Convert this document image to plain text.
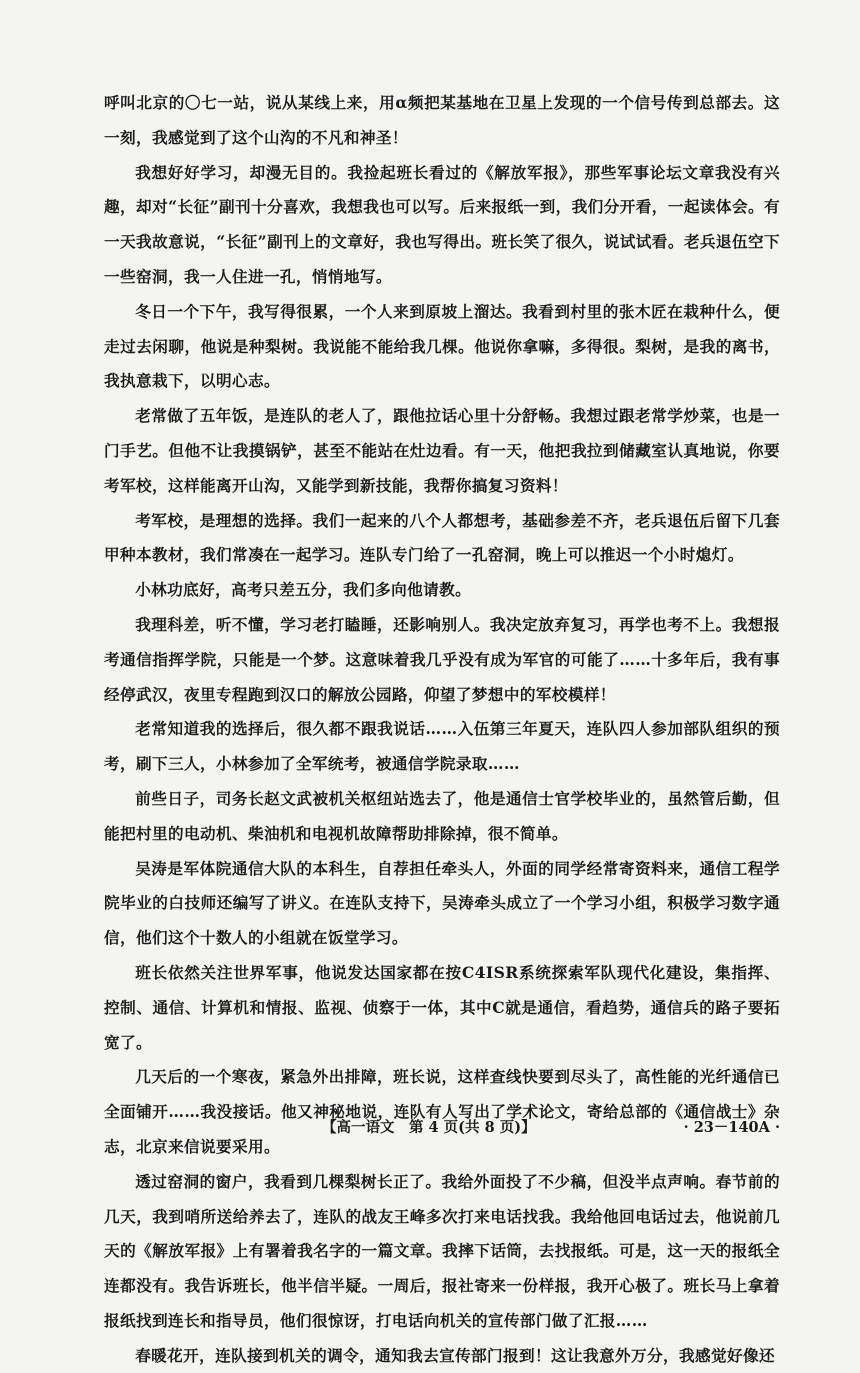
呼叫北京的〇七一站，说从某线上来，用α频把某基地在卫星上发现的一个信号传到总部去。这一刻，我感觉到了这个山沟的不凡和神圣！

我想好好学习，却漫无目的。我捡起班长看过的《解放军报》，那些军事论坛文章我没有兴趣，却对“长征”副刊十分喜欢，我想我也可以写。后来报纸一到，我们分开看，一起读体会。有一天我故意说，“长征”副刊上的文章好，我也写得出。班长笑了很久，说试试看。老兵退伍空下一些窑洞，我一人住进一孔，悄悄地写。

冬日一个下午，我写得很累，一个人来到原坡上溜达。我看到村里的张木匠在栽种什么，便走过去闲聊，他说是种梨树。我说能不能给我几棵。他说你拿嘛，多得很。梨树，是我的离书，我执意栽下，以明心志。

老常做了五年饭，是连队的老人了，跟他拉话心里十分舒畅。我想过跟老常学炒菜，也是一门手艺。但他不让我摸锅铲，甚至不能站在灶边看。有一天，他把我拉到储藏室认真地说，你要考军校，这样能离开山沟，又能学到新技能，我帮你搞复习资料！

考军校，是理想的选择。我们一起来的八个人都想考，基础参差不齐，老兵退伍后留下几套甲种本教材，我们常凑在一起学习。连队专门给了一孔窑洞，晚上可以推迟一个小时熄灯。

小林功底好，高考只差五分，我们多向他请教。

我理科差，听不懂，学习老打瞌睡，还影响别人。我决定放弃复习，再学也考不上。我想报考通信指挥学院，只能是一个梦。这意味着我几乎没有成为军官的可能了……十多年后，我有事经停武汉，夜里专程跑到汉口的解放公园路，仰望了梦想中的军校模样！

老常知道我的选择后，很久都不跟我说话……入伍第三年夏天，连队四人参加部队组织的预考，刷下三人，小林参加了全军统考，被通信学院录取……

前些日子，司务长赵文武被机关枢纽站选去了，他是通信士官学校毕业的，虽然管后勤，但能把村里的电动机、柴油机和电视机故障帮助排除掉，很不简单。

吴涛是军体院通信大队的本科生，自荐担任牵头人，外面的同学经常寄资料来，通信工程学院毕业的白技师还编写了讲义。在连队支持下，吴涛牵头成立了一个学习小组，积极学习数字通信，他们这个十数人的小组就在饭堂学习。

班长依然关注世界军事，他说发达国家都在按C4ISR系统探索军队现代化建设，集指挥、控制、通信、计算机和情报、监视、侦察于一体，其中C就是通信，看趋势，通信兵的路子要拓宽了。

几天后的一个寒夜，紧急外出排障，班长说，这样查线快要到尽头了，高性能的光纤通信已全面铺开……我没接话。他又神秘地说，连队有人写出了学术论文，寄给总部的《通信战士》杂志，北京来信说要采用。

透过窑洞的窗户，我看到几棵梨树长正了。我给外面投了不少稿，但没半点声响。春节前的几天，我到哨所送给养去了，连队的战友王峰多次打来电话找我。我给他回电话过去，他说前几天的《解放军报》上有署着我名字的一篇文章。我摔下话筒，去找报纸。可是，这一天的报纸全连都没有。我告诉班长，他半信半疑。一周后，报社寄来一份样报，我开心极了。班长马上拿着报纸找到连长和指导员，他们很惊讶，打电话向机关的宣传部门做了汇报……

春暖花开，连队接到机关的调令，通知我去宣传部门报到！这让我意外万分，我感觉好像还

【高一语文　第 4 页(共 8 页)】	· 23－140A ·
